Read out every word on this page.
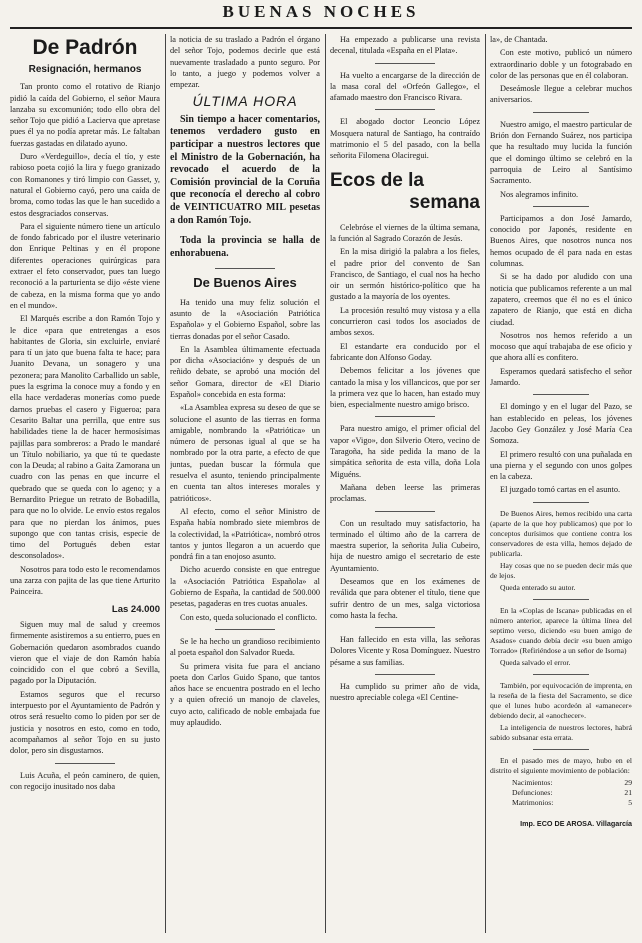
BUENAS NOCHES
De Padrón
Resignación, hermanos

Tan pronto como el rotativo de Rianjo pidió la caída del Gobierno, el señor Maura lanzaba su excomunión; todo ello obra del señor Tojo que pidió a Lacierva que apretase pues él ya no podía apretar más. Le faltaban fuerzas gastadas en dilatado ayuno.

Duro «Verdeguillo», decía el tío, y este rabioso poeta cojió la lira y fuego granizado con Romanones y tiró limpio con Gasset, y, natural el Gobierno cayó, pero una caída de broma, como todas las que le han sucedido a estos desgraciados conservas.

Para el siguiente número tiene un artículo de fondo fabricado por el ilustre veterinario don Enrique Peltinas y en él propone diferentes operaciones quirúrgicas para extraer el feto conservador, pues tan luego reconoció a la parturienta se dijo «éste viene de cabeza, en la misma forma que yo ando en el mundo».

El Marqués escribe a don Ramón Tojo y le dice «para que entretengas a esos habitantes de Gloria, sin excluirle, enviaré para tí un jato que buena falta te hace; para Juanito Devana, un sonagero y una pezonera; para Manolito Carballido un sable, pues la esgrima la conoce muy a fondo y en ella hace verdaderas monerías como puede darnos pruebas el casero y Figueroa; para Cesarito Baltar una perrilla, que entre sus habilidades tiene la de hacer hermosísimas pajillas para sombreros: a Prado le mandaré un Título nobiliario, ya que tú te quedaste con la Deuda; al rabino a Gaita Zamorana un cuadro con las penas en que incurre el quebrado que se queda con lo ageno; y a Bernardito Priegue un retrato de Bobadilla, para que no lo olvide. Le envío estos regalos para que no pierdan los ánimos, pues supongo que con tantas crisis, especie de timo del Portugués deben estar desconsolados».

Nosotros para todo esto le recomendamos una zarza con pajita de las que tiene Arturito Painceira.

Las 24.000

Siguen muy mal de salud y creemos firmemente asistiremos a su entierro, pues en Gobernación quedaron asombrados cuando vieron que el viaje de don Ramón había coincidido con el que cobró a Sevilla, pagado por la Diputación.

Estamos seguros que el recurso interpuesto por el Ayuntamiento de Padrón y otros será resuelto como lo piden por ser de justicia y nosotros en esto, como en todo, acompañamos al señor Tojo en su justo dolor, pero sin disgustarnos.

Luis Acuña, el peón caminero, de quien, con regocijo inusitado nos daba

la noticia de su traslado a Padrón el órgano del señor Tojo, podemos decirle que está nuevamente trasladado a punto seguro. Por lo tanto, a juego y podemos volver a empezar.

ÚLTIMA HORA
Sin tiempo a hacer comentarios, tenemos verdadero gusto en participar a nuestros lectores que el Ministro de la Gobernación, ha revocado el acuerdo de la Comisión provincial de la Coruña que reconocía el derecho al cobro de VEINTICUATRO MIL pesetas a don Ramón Tojo.
Toda la provincia se halla de enhorabuena.
De Buenos Aires

Ha tenido una muy feliz solución el asunto de la «Asociación Patriótica Española» y el Gobierno Español, sobre las tierras donadas por el señor Casado.

En la Asamblea últimamente efectuada por dicha «Asociación» y después de un reñido debate, se aprobó una moción del señor Gomara, director de «El Diario Español» concebida en esta forma:

«La Asamblea expresa su deseo de que se solucione el asunto de las tierras en forma amigable, nombrando la «Patriótica» un número de personas igual al que se ha nombrado por la otra parte, a efecto de que juntas, puedan buscar la fórmula que resuelva el asunto, teniendo principalmente en cuenta tan altos intereses morales y patrióticos».

Al efecto, como el señor Ministro de España había nombrado siete miembros de la colectividad, la «Patriótica», nombró otros tantos y juntos llegaron a un acuerdo que pondrá fin a tan enojoso asunto.

Dicho acuerdo consiste en que entregue la «Asociación Patriótica Española» al Gobierno de España, la cantidad de 500.000 pesetas, pagaderas en tres cuotas anuales.

Con esto, queda solucionado el conflicto.

Se le ha hecho un grandioso recibimiento al poeta español don Salvador Rueda.

Su primera visita fue para el anciano poeta don Carlos Guido Spano, que tantos años hace se encuentra postrado en el lecho y a quien ofreció un manojo de claveles, cuyo acto, calificado de noble embajada fue muy aplaudido.

Ha empezado a publicarse una revista decenal, titulada «España en el Plata».

Ha vuelto a encargarse de la dirección de la masa coral del «Orfeón Gallego», el afamado maestro don Francisco Rivara.

El abogado doctor Leoncio López Mosquera natural de Santiago, ha contraído matrimonio el 5 del pasado, con la bella señorita Filomena Olaciregui.

Ecos de la
semana

Celebróse el viernes de la última semana, la función al Sagrado Corazón de Jesús.

En la misa dirigió la palabra a los fieles, el padre prior del convento de San Francisco, de Santiago, el cual nos ha hecho oir un sermón histórico-político que ha gustado a la mayoría de los oyentes.

La procesión resultó muy vistosa y a ella concurrieron casi todos los asociados de ambos sexos.

El estandarte era conducido por el fabricante don Alfonso Goday.

Debemos felicitar a los jóvenes que cantado la misa y los villancicos, que por ser la primera vez que lo hacen, han estado muy bien, especialmente nuestro amigo brisco.

Para nuestro amigo, el primer oficial del vapor «Vigo», don Silverio Otero, vecino de Taragoña, ha side pedida la mano de la simpática señorita de esta villa, doña Lola Miguéns.

Mañana deben leerse las primeras proclamas.

Con un resultado muy satisfactorio, ha terminado el último año de la carrera de maestra superior, la señorita Julia Cubeiro, hija de nuestro amigo el secretario de este Ayuntamiento.

Deseamos que en los exámenes de reválida que para obtener el título, tiene que sufrir dentro de un mes, salga victoriosa como hasta la fecha.

Han fallecido en esta villa, las señoras Dolores Vicente y Rosa Domínguez. Nuestro pésame a sus familias.

Ha cumplido su primer año de vida, nuestro apreciable colega «El Centine-

la», de Chantada.

Con este motivo, publicó un número extraordinario doble y un fotograbado en color de las personas que en él colaboran.

Deseámosle llegue a celebrar muchos aniversarios.

Nuestro amigo, el maestro particular de Brión don Fernando Suárez, nos participa que ha resultado muy lucida la función que el domingo último se celebró en la parroquia de Leiro al Santísimo Sacramento.

Nos alegramos infinito.

Participamos a don José Jamardo, conocido por Japonés, residente en Buenos Aires, que nosotros nunca nos hemos ocupado de él para nada en estas columnas.

Si se ha dado por aludido con una noticia que publicamos referente a un mal zapatero, creemos que él no es el único zapatero de Rianjo, que está en dicha ciudad.

Nosotros nos hemos referido a un mocoso que aquí trabajaba de ese oficio y que ahora allí es confitero.

Esperamos quedará satisfecho el señor Jamardo.

El domingo y en el lugar del Pazo, se han establecido en peleas, los jóvenes Jacobo Gey González y José María Cea Somoza.

El primero resultó con una puñalada en una pierna y el segundo con unos golpes en la cabeza.

El juzgado tomó cartas en el asunto.

De Buenos Aires, hemos recibido una carta (aparte de la que hoy publicamos) que por lo conceptos durísimos que contiene contra los conservadores de esta villa, hemos dejado de publicarla.

Hay cosas que no se pueden decir más que de lejos.

Queda enterado su autor.

En la «Coplas de Iscana» publicadas en el número anterior, aparece la última línea del septimo verso, diciendo «su buen amigo de Asados» cuando debía decir «su buen amigo Torrado» (Refiriéndose a un señor de Isorna)

Queda salvado el error.

También, por equivocación de imprenta, en la reseña de la fiesta del Sacramento, se dice que el lunes hubo acordeón al «amanecer» debiendo decir, al «anochecer».

La inteligencia de nuestros lectores, habrá sabido subsanar esta errata.

En el pasado mes de mayo, hubo en el distrito el siguiente movimiento de población:

Nacimientos:	29
Defunciones:	21
Matrimonios:	5
Imp. ECO DE AROSA. Villagarcía
